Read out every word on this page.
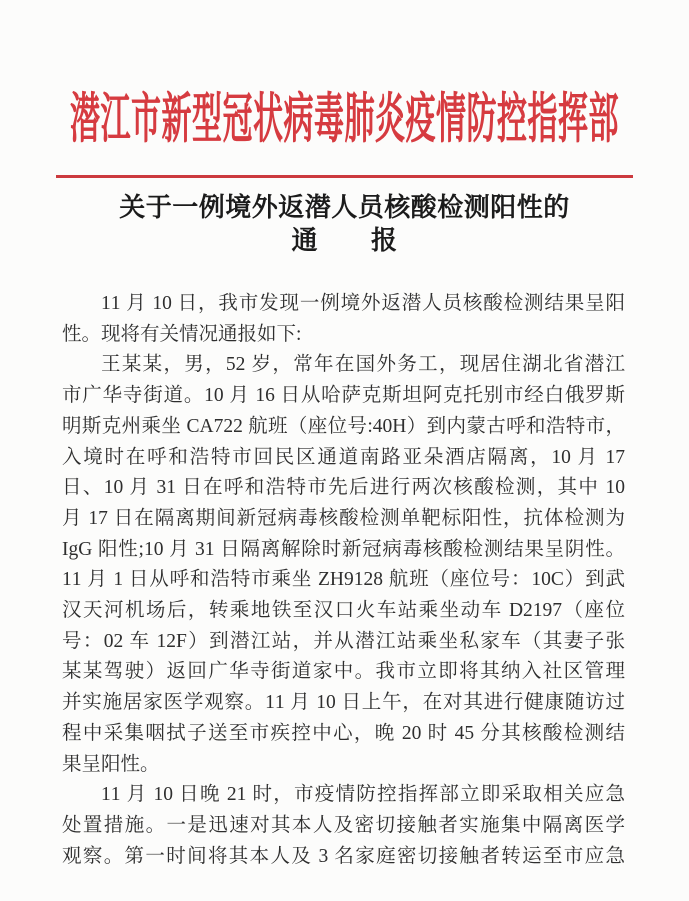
潜江市新型冠状病毒肺炎疫情防控指挥部
关于一例境外返潜人员核酸检测阳性的
通　　报
11 月 10 日，我市发现一例境外返潜人员核酸检测结果呈阳
性。现将有关情况通报如下:
王某某，男，52 岁，常年在国外务工，现居住湖北省潜江
市广华寺街道。10 月 16 日从哈萨克斯坦阿克托别市经白俄罗斯
明斯克州乘坐 CA722 航班（座位号:40H）到内蒙古呼和浩特市，
入境时在呼和浩特市回民区通道南路亚朵酒店隔离，10 月 17
日、10 月 31 日在呼和浩特市先后进行两次核酸检测，其中 10
月 17 日在隔离期间新冠病毒核酸检测单靶标阳性，抗体检测为
IgG 阳性;10 月 31 日隔离解除时新冠病毒核酸检测结果呈阴性。
11 月 1 日从呼和浩特市乘坐 ZH9128 航班（座位号：10C）到武
汉天河机场后，转乘地铁至汉口火车站乘坐动车 D2197（座位
号：02 车 12F）到潜江站，并从潜江站乘坐私家车（其妻子张
某某驾驶）返回广华寺街道家中。我市立即将其纳入社区管理
并实施居家医学观察。11 月 10 日上午，在对其进行健康随访过
程中采集咽拭子送至市疾控中心，晚 20 时 45 分其核酸检测结
果呈阳性。
11 月 10 日晚 21 时，市疫情防控指挥部立即采取相关应急
处置措施。一是迅速对其本人及密切接触者实施集中隔离医学
观察。第一时间将其本人及 3 名家庭密切接触者转运至市应急
